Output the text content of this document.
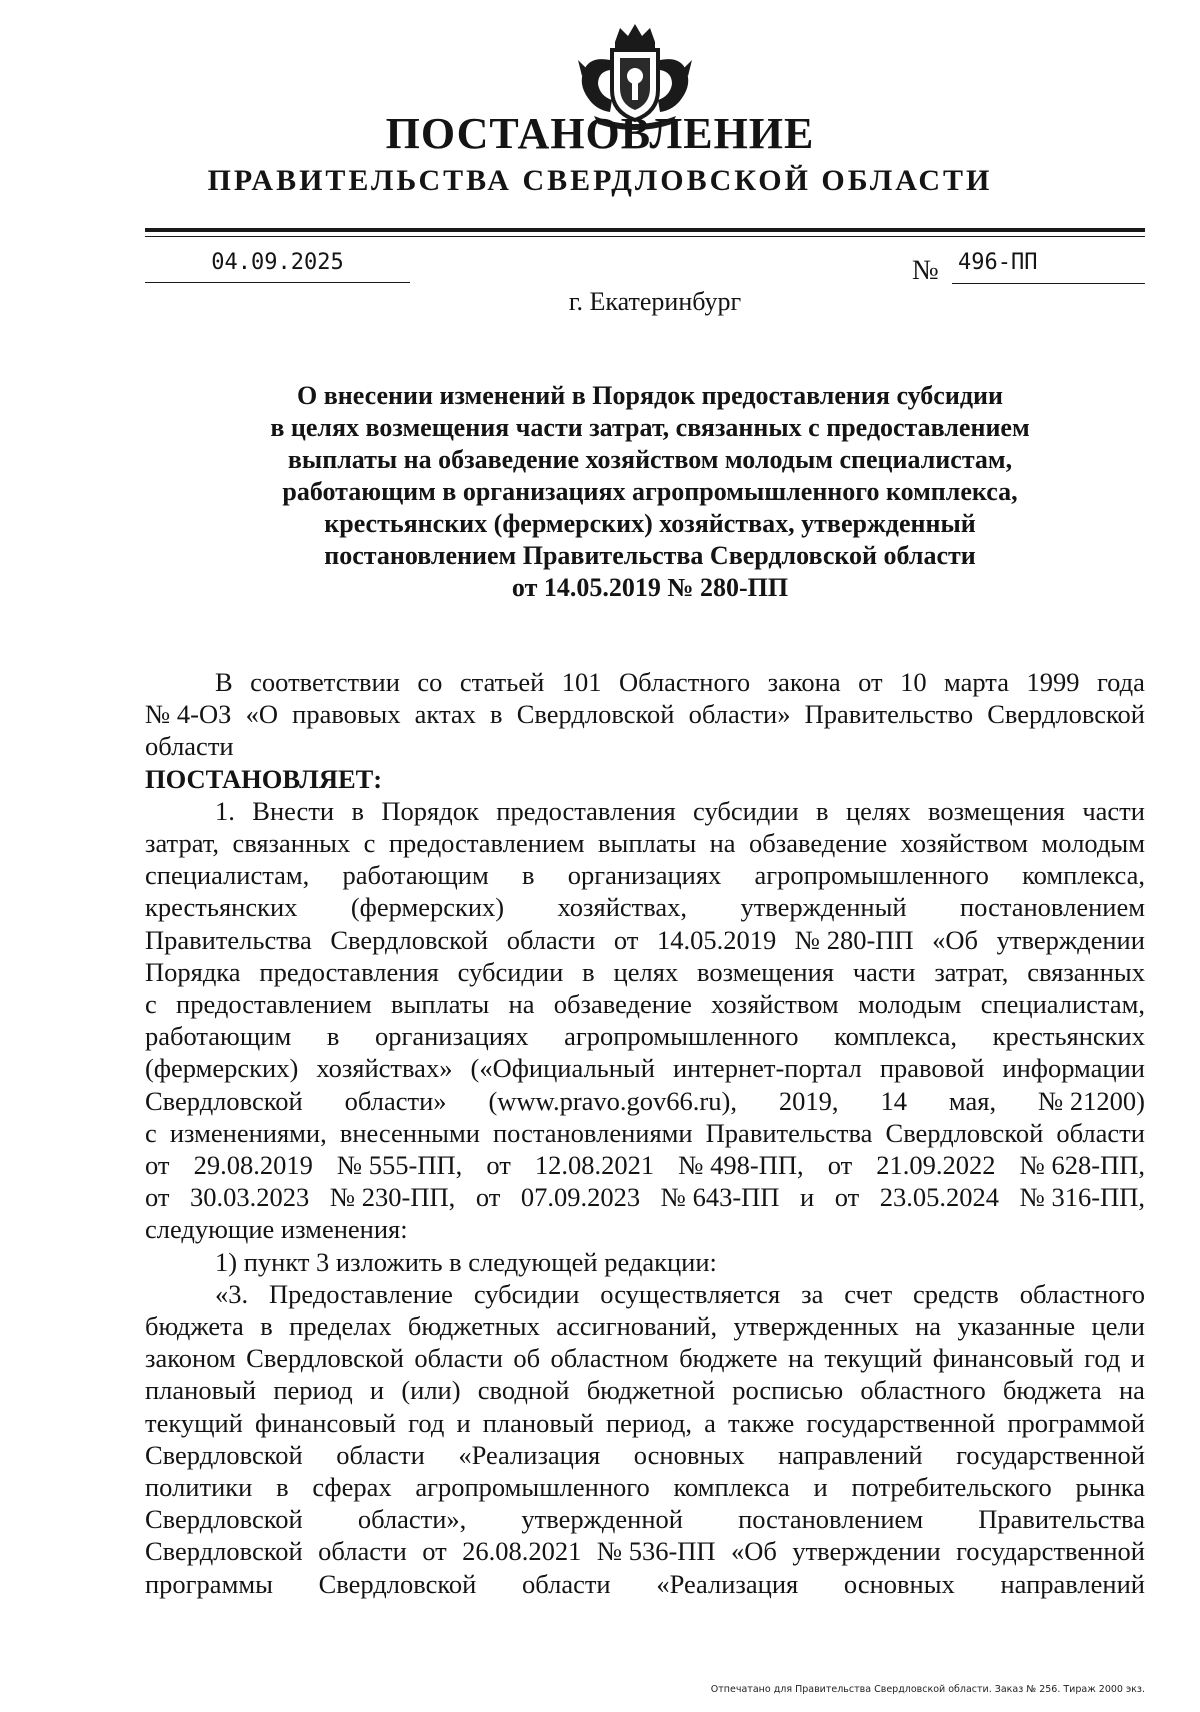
ПОСТАНОВЛЕНИЕ
ПРАВИТЕЛЬСТВА СВЕРДЛОВСКОЙ ОБЛАСТИ
04.09.2025	№ 496-ПП
г. Екатеринбург
О внесении изменений в Порядок предоставления субсидии
в целях возмещения части затрат, связанных с предоставлением
выплаты на обзаведение хозяйством молодым специалистам,
работающим в организациях агропромышленного комплекса,
крестьянских (фермерских) хозяйствах, утвержденный
постановлением Правительства Свердловской области
от 14.05.2019 № 280-ПП
В соответствии со статьей 101 Областного закона от 10 марта 1999 года
№ 4-ОЗ «О правовых актах в Свердловской области» Правительство Свердловской
области
ПОСТАНОВЛЯЕТ:
1. Внести в Порядок предоставления субсидии в целях возмещения части
затрат, связанных с предоставлением выплаты на обзаведение хозяйством молодым
специалистам, работающим в организациях агропромышленного комплекса,
крестьянских (фермерских) хозяйствах, утвержденный постановлением
Правительства Свердловской области от 14.05.2019 № 280-ПП «Об утверждении
Порядка предоставления субсидии в целях возмещения части затрат, связанных
с предоставлением выплаты на обзаведение хозяйством молодым специалистам,
работающим в организациях агропромышленного комплекса, крестьянских
(фермерских) хозяйствах» («Официальный интернет-портал правовой информации
Свердловской области» (www.pravo.gov66.ru), 2019, 14 мая, № 21200)
с изменениями, внесенными постановлениями Правительства Свердловской области
от 29.08.2019 № 555-ПП, от 12.08.2021 № 498-ПП, от 21.09.2022 № 628-ПП,
от 30.03.2023 № 230-ПП, от 07.09.2023 № 643-ПП и от 23.05.2024 № 316-ПП,
следующие изменения:
1) пункт 3 изложить в следующей редакции:
«3. Предоставление субсидии осуществляется за счет средств областного
бюджета в пределах бюджетных ассигнований, утвержденных на указанные цели
законом Свердловской области об областном бюджете на текущий финансовый год и
плановый период и (или) сводной бюджетной росписью областного бюджета на
текущий финансовый год и плановый период, а также государственной программой
Свердловской области «Реализация основных направлений государственной
политики в сферах агропромышленного комплекса и потребительского рынка
Свердловской области», утвержденной постановлением Правительства
Свердловской области от 26.08.2021 № 536-ПП «Об утверждении государственной
программы Свердловской области «Реализация основных направлений
Отпечатано для Правительства Свердловской области. Заказ № 256. Тираж 2000 экз.
